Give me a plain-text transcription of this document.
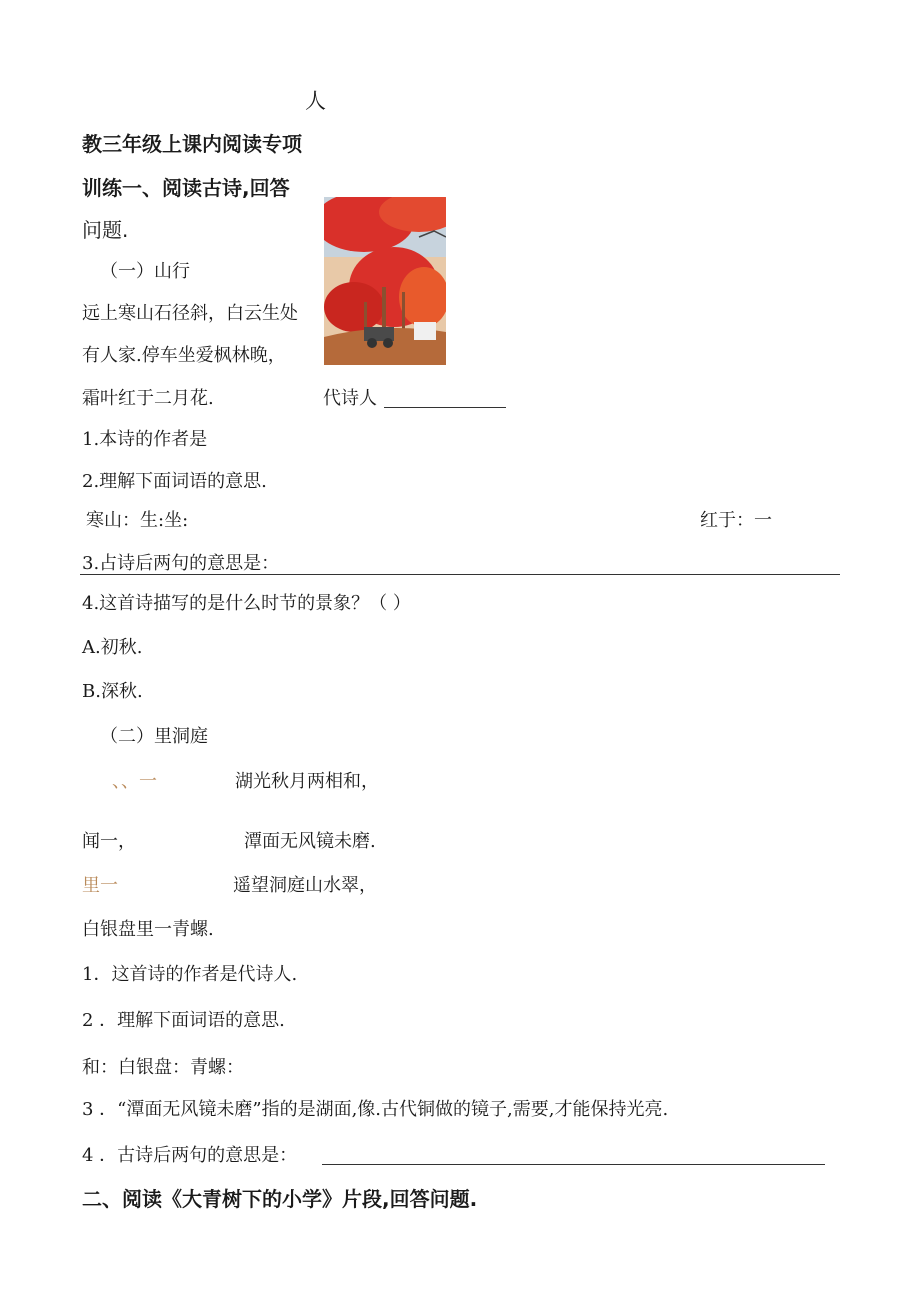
人
教三年级上课内阅读专项
训练一、阅读古诗,回答
问题.
（一）山行
远上寒山石径斜，白云生处
有人家.停车坐爱枫林晚，
霜叶红于二月花.	代诗人
1.本诗的作者是
2.理解下面词语的意思.
寒山：生:坐:	红于：一
3.占诗后两句的意思是：
4.这首诗描写的是什么时节的景象？（ ）
A.初秋.
B.深秋.
（二）里洞庭
、、一	湖光秋月两相和，
闻一，	潭面无风镜未磨.
里一	遥望洞庭山水翠，
白银盘里一青螺.
1．这首诗的作者是代诗人.
2 ．理解下面词语的意思.
和：白银盘：青螺：
3 ．“潭面无风镜未磨”指的是湖面,像.古代铜做的镜子,需要,才能保持光亮.
4 ．古诗后两句的意思是：
二、阅读《大青树下的小学》片段,回答问题.
